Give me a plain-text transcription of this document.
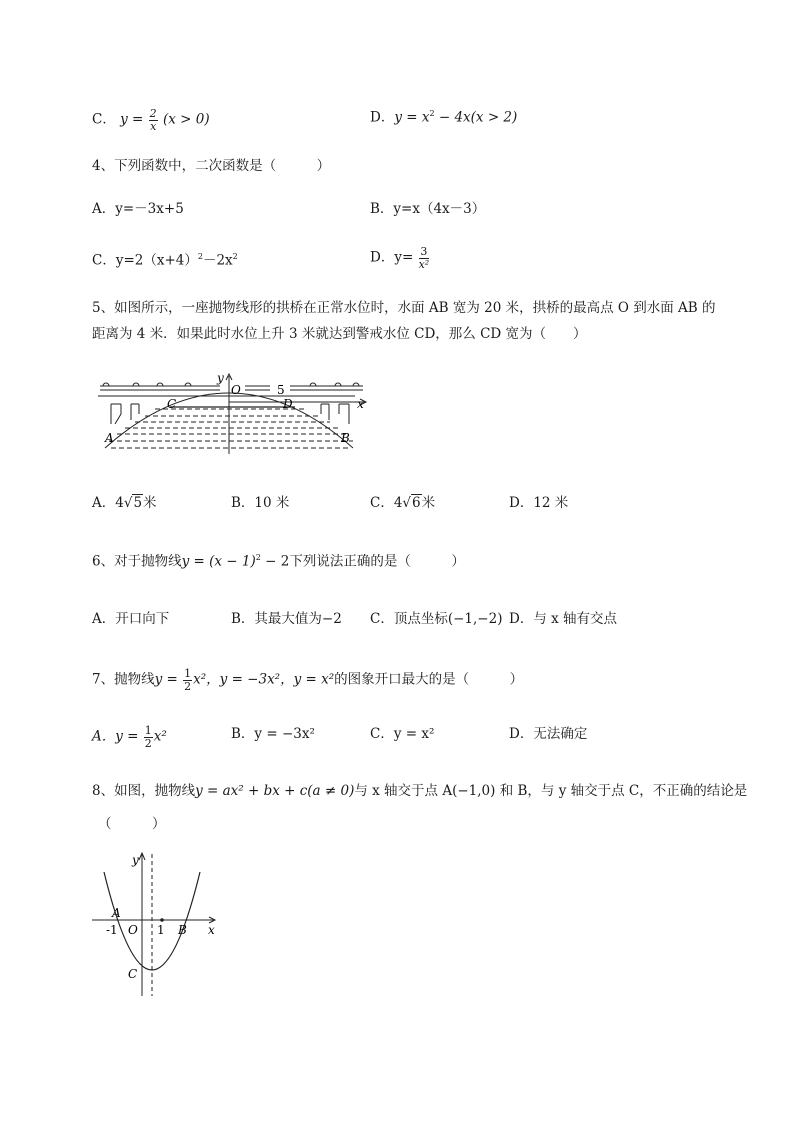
C． $y = \frac{2}{x} (x > 0)$	D．$y = x^2 - 4x(x > 2)$
4、下列函数中，二次函数是（　　　）
A．y=－3x+5	B．y=x（4x－3）
C．$y=2(x+4)^2-2x^2$	D．$y= \frac{3}{\text{x²}}$
5、如图所示，一座抛物线形的拱桥在正常水位时，水面 AB 宽为 20 米，拱桥的最高点 O 到水面 AB 的
距离为 4 米．如果此时水位上升 3 米就达到警戒水位 CD，那么 CD 宽为（　　）
y
O	5
C	D	x
A	B
A．4√5米	B．10 米	C．4√6米	D．12 米
6、对于抛物线$y = (x - 1)^2 - 2$下列说法正确的是（　　　）
A．开口向下	B．其最大值为−2 C．顶点坐标(−1,−2) D．与 x 轴有交点
7、抛物线$y = \frac{1}{2} x^2$，y = −3x²，y = x²的图象开口最大的是（　　　）
A．$y = \frac{1}{2} x^2$	B．y = −3x²	C．y = x²	D．无法确定
8、如图，抛物线y = ax² + bx + c(a ≠ 0)与 x 轴交于点 A(−1,0) 和 B，与 y 轴交于点 C，不正确的结论是
（　　　）
y
A
-1 O 1 B x
C
